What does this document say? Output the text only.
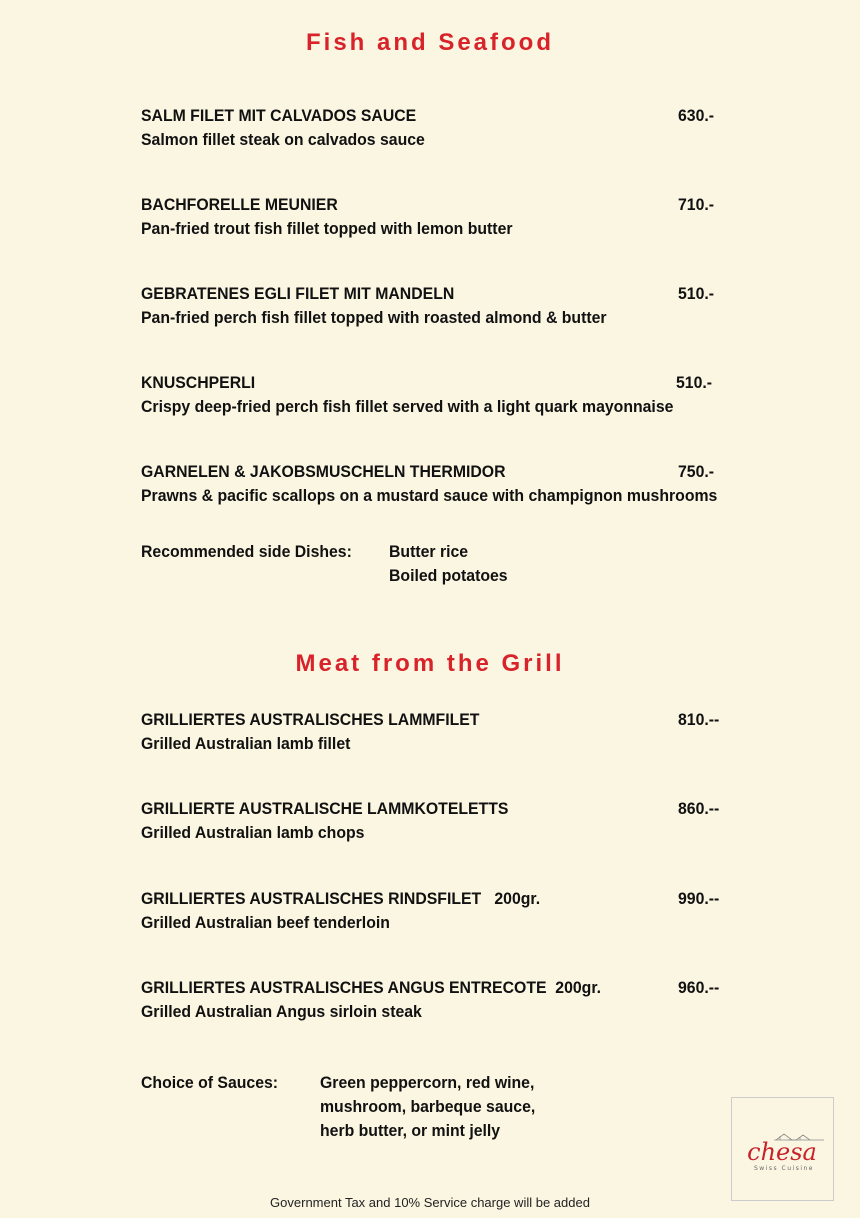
Fish and Seafood
SALM FILET MIT CALVADOS SAUCE	630.-
Salmon fillet steak on calvados sauce
BACHFORELLE MEUNIER	710.-
Pan-fried trout fish fillet topped with lemon butter
GEBRATENES EGLI FILET MIT MANDELN	510.-
Pan-fried perch fish fillet topped with roasted almond & butter
KNUSCHPERLI	510.-
Crispy deep-fried perch fish fillet served with a light quark mayonnaise
GARNELEN & JAKOBSMUSCHELN THERMIDOR	750.-
Prawns & pacific scallops on a mustard sauce with champignon mushrooms
Recommended side Dishes: Butter rice
Boiled potatoes
Meat from the Grill
GRILLIERTES AUSTRALISCHES LAMMFILET	810.--
Grilled Australian lamb fillet
GRILLIERTE AUSTRALISCHE LAMMKOTELETTS	860.--
Grilled Australian lamb chops
GRILLIERTES AUSTRALISCHES RINDSFILET   200gr.	990.--
Grilled Australian beef tenderloin
GRILLIERTES AUSTRALISCHES ANGUS ENTRECOTE  200gr.	960.--
Grilled Australian Angus sirloin steak
Choice of Sauces: Green peppercorn, red wine,
mushroom, barbeque sauce,
herb butter, or mint jelly
chesa
Swiss Cuisine
Government Tax and 10% Service charge will be added
